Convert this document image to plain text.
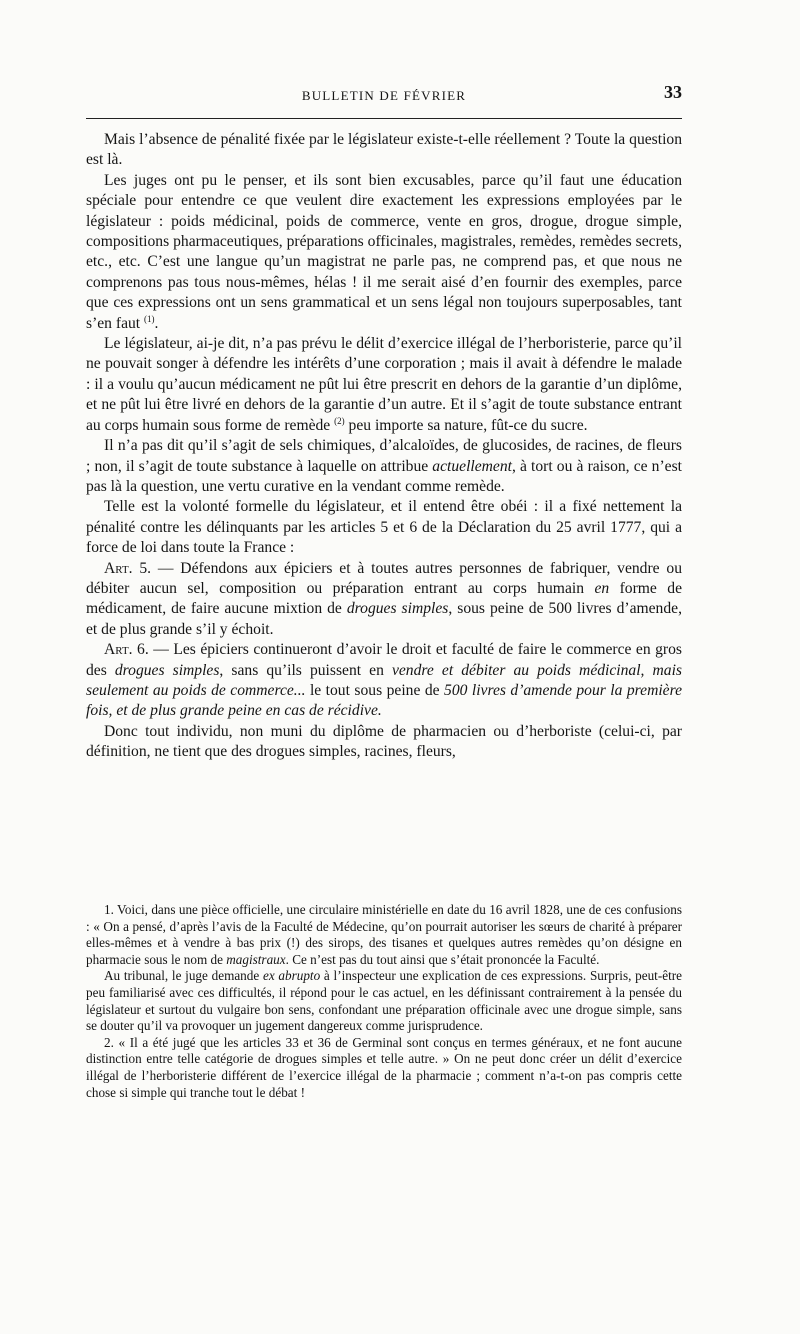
BULLETIN DE FÉVRIER	33

Mais l’absence de pénalité fixée par le législateur existe-t-elle réellement ? Toute la question est là.

Les juges ont pu le penser, et ils sont bien excusables, parce qu’il faut une éducation spéciale pour entendre ce que veulent dire exactement les expressions employées par le législateur : poids médicinal, poids de commerce, vente en gros, drogue, drogue simple, compositions pharmaceutiques, préparations officinales, magistrales, remèdes, remèdes secrets, etc., etc. C’est une langue qu’un magistrat ne parle pas, ne comprend pas, et que nous ne comprenons pas tous nous-mêmes, hélas ! il me serait aisé d’en fournir des exemples, parce que ces expressions ont un sens grammatical et un sens légal non toujours superposables, tant s’en faut $^{(1)}$.

Le législateur, ai-je dit, n’a pas prévu le délit d’exercice illégal de l’herboristerie, parce qu’il ne pouvait songer à défendre les intérêts d’une corporation ; mais il avait à défendre le malade : il a voulu qu’aucun médicament ne pût lui être prescrit en dehors de la garantie d’un diplôme, et ne pût lui être livré en dehors de la garantie d’un autre. Et il s’agit de toute substance entrant au corps humain sous forme de remède $^{(2)}$ peu importe sa nature, fût-ce du sucre.

Il n’a pas dit qu’il s’agit de sels chimiques, d’alcaloïdes, de glucosides, de racines, de fleurs ; non, il s’agit de toute substance à laquelle on attribue actuellement, à tort ou à raison, ce n’est pas là la question, une vertu curative en la vendant comme remède.

Telle est la volonté formelle du législateur, et il entend être obéi : il a fixé nettement la pénalité contre les délinquants par les articles 5 et 6 de la Déclaration du 25 avril 1777, qui a force de loi dans toute la France :

Art. 5. — Défendons aux épiciers et à toutes autres personnes de fabriquer, vendre ou débiter aucun sel, composition ou préparation entrant au corps humain en forme de médicament, de faire aucune mixtion de drogues simples, sous peine de 500 livres d’amende, et de plus grande s’il y échoit.

Art. 6. — Les épiciers continueront d’avoir le droit et faculté de faire le commerce en gros des drogues simples, sans qu’ils puissent en vendre et débiter au poids médicinal, mais seulement au poids de commerce... le tout sous peine de 500 livres d’amende pour la première fois, et de plus grande peine en cas de récidive.

Donc tout individu, non muni du diplôme de pharmacien ou d’herboriste (celui-ci, par définition, ne tient que des drogues simples, racines, fleurs,

1. Voici, dans une pièce officielle, une circulaire ministérielle en date du 16 avril 1828, une de ces confusions : « On a pensé, d’après l’avis de la Faculté de Médecine, qu’on pourrait autoriser les sœurs de charité à préparer elles-mêmes et à vendre à bas prix (!) des sirops, des tisanes et quelques autres remèdes qu’on désigne en pharmacie sous le nom de magistraux. Ce n’est pas du tout ainsi que s’était prononcée la Faculté.

Au tribunal, le juge demande ex abrupto à l’inspecteur une explication de ces expressions. Surpris, peut-être peu familiarisé avec ces difficultés, il répond pour le cas actuel, en les définissant contrairement à la pensée du législateur et surtout du vulgaire bon sens, confondant une préparation officinale avec une drogue simple, sans se douter qu’il va provoquer un jugement dangereux comme jurisprudence.

2. « Il a été jugé que les articles 33 et 36 de Germinal sont conçus en termes généraux, et ne font aucune distinction entre telle catégorie de drogues simples et telle autre. » On ne peut donc créer un délit d’exercice illégal de l’herboristerie différent de l’exercice illégal de la pharmacie ; comment n’a-t-on pas compris cette chose si simple qui tranche tout le débat !
